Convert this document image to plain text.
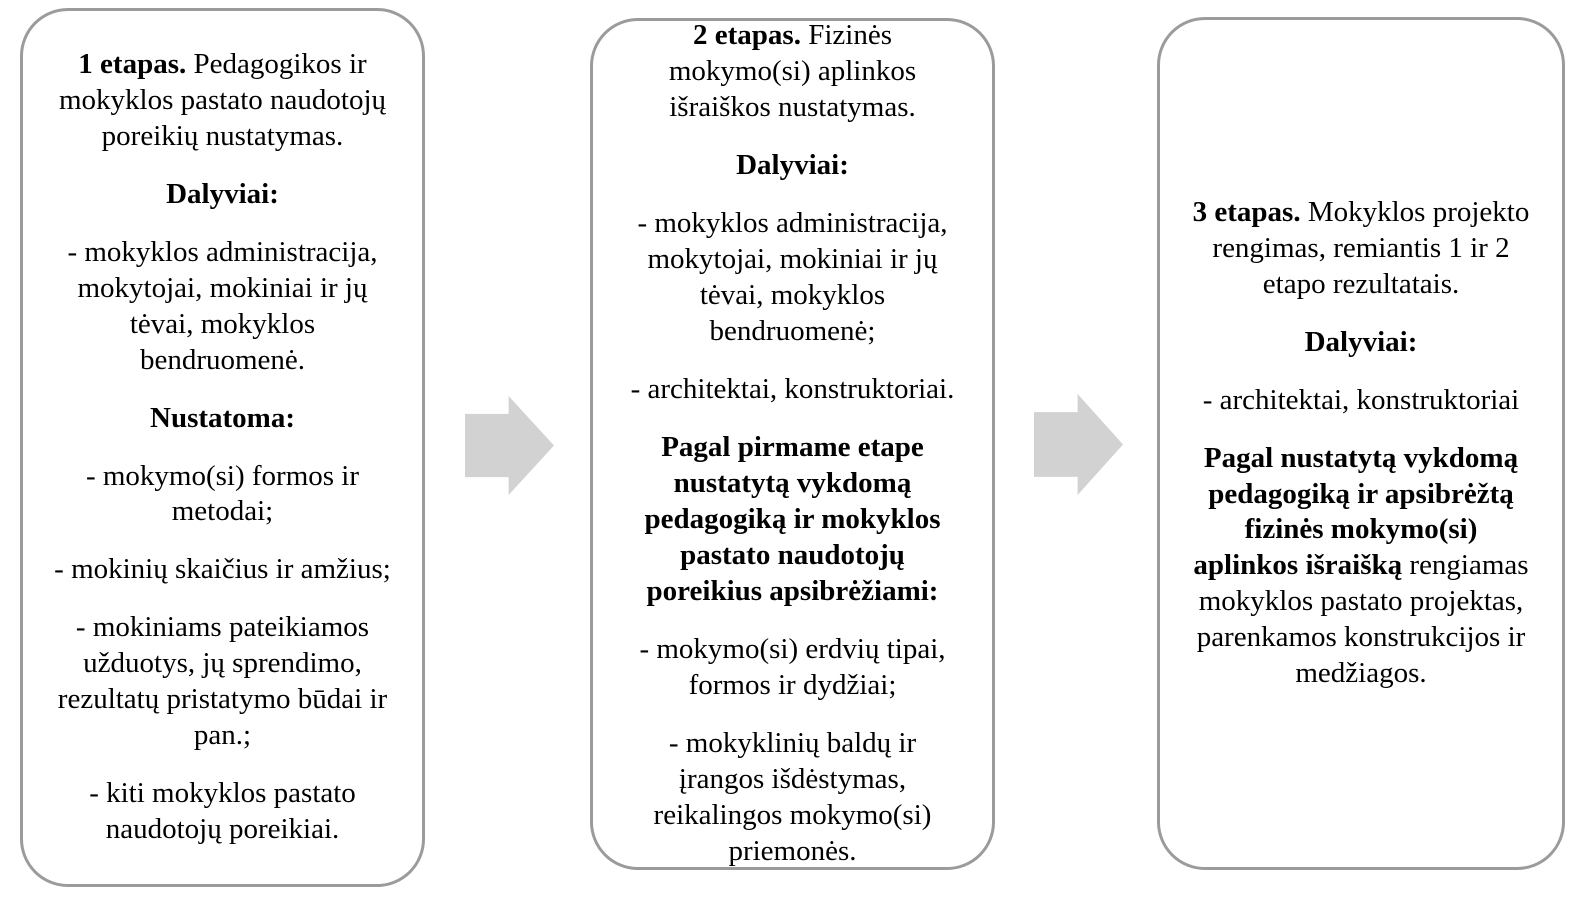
1 etapas. Pedagogikos ir mokyklos pastato naudotojų poreikių nustatymas.

Dalyviai:

- mokyklos administracija, mokytojai, mokiniai ir jų tėvai, mokyklos bendruomenė.

Nustatoma:

- mokymo(si) formos ir metodai;

- mokinių skaičius ir amžius;

- mokiniams pateikiamos užduotys, jų sprendimo, rezultatų pristatymo būdai ir pan.;

- kiti mokyklos pastato naudotojų poreikiai.

2 etapas. Fizinės mokymo(si) aplinkos išraiškos nustatymas.

Dalyviai:

- mokyklos administracija, mokytojai, mokiniai ir jų tėvai, mokyklos bendruomenė;

- architektai, konstruktoriai.

Pagal pirmame etape nustatytą vykdomą pedagogiką ir mokyklos pastato naudotojų poreikius apsibrėžiami:

- mokymo(si) erdvių tipai, formos ir dydžiai;

- mokyklinių baldų ir įrangos išdėstymas, reikalingos mokymo(si) priemonės.

3 etapas. Mokyklos projekto rengimas, remiantis 1 ir 2 etapo rezultatais.

Dalyviai:

- architektai, konstruktoriai

Pagal nustatytą vykdomą pedagogiką ir apsibrėžtą fizinės mokymo(si) aplinkos išraišką rengiamas mokyklos pastato projektas, parenkamos konstrukcijos ir medžiagos.
